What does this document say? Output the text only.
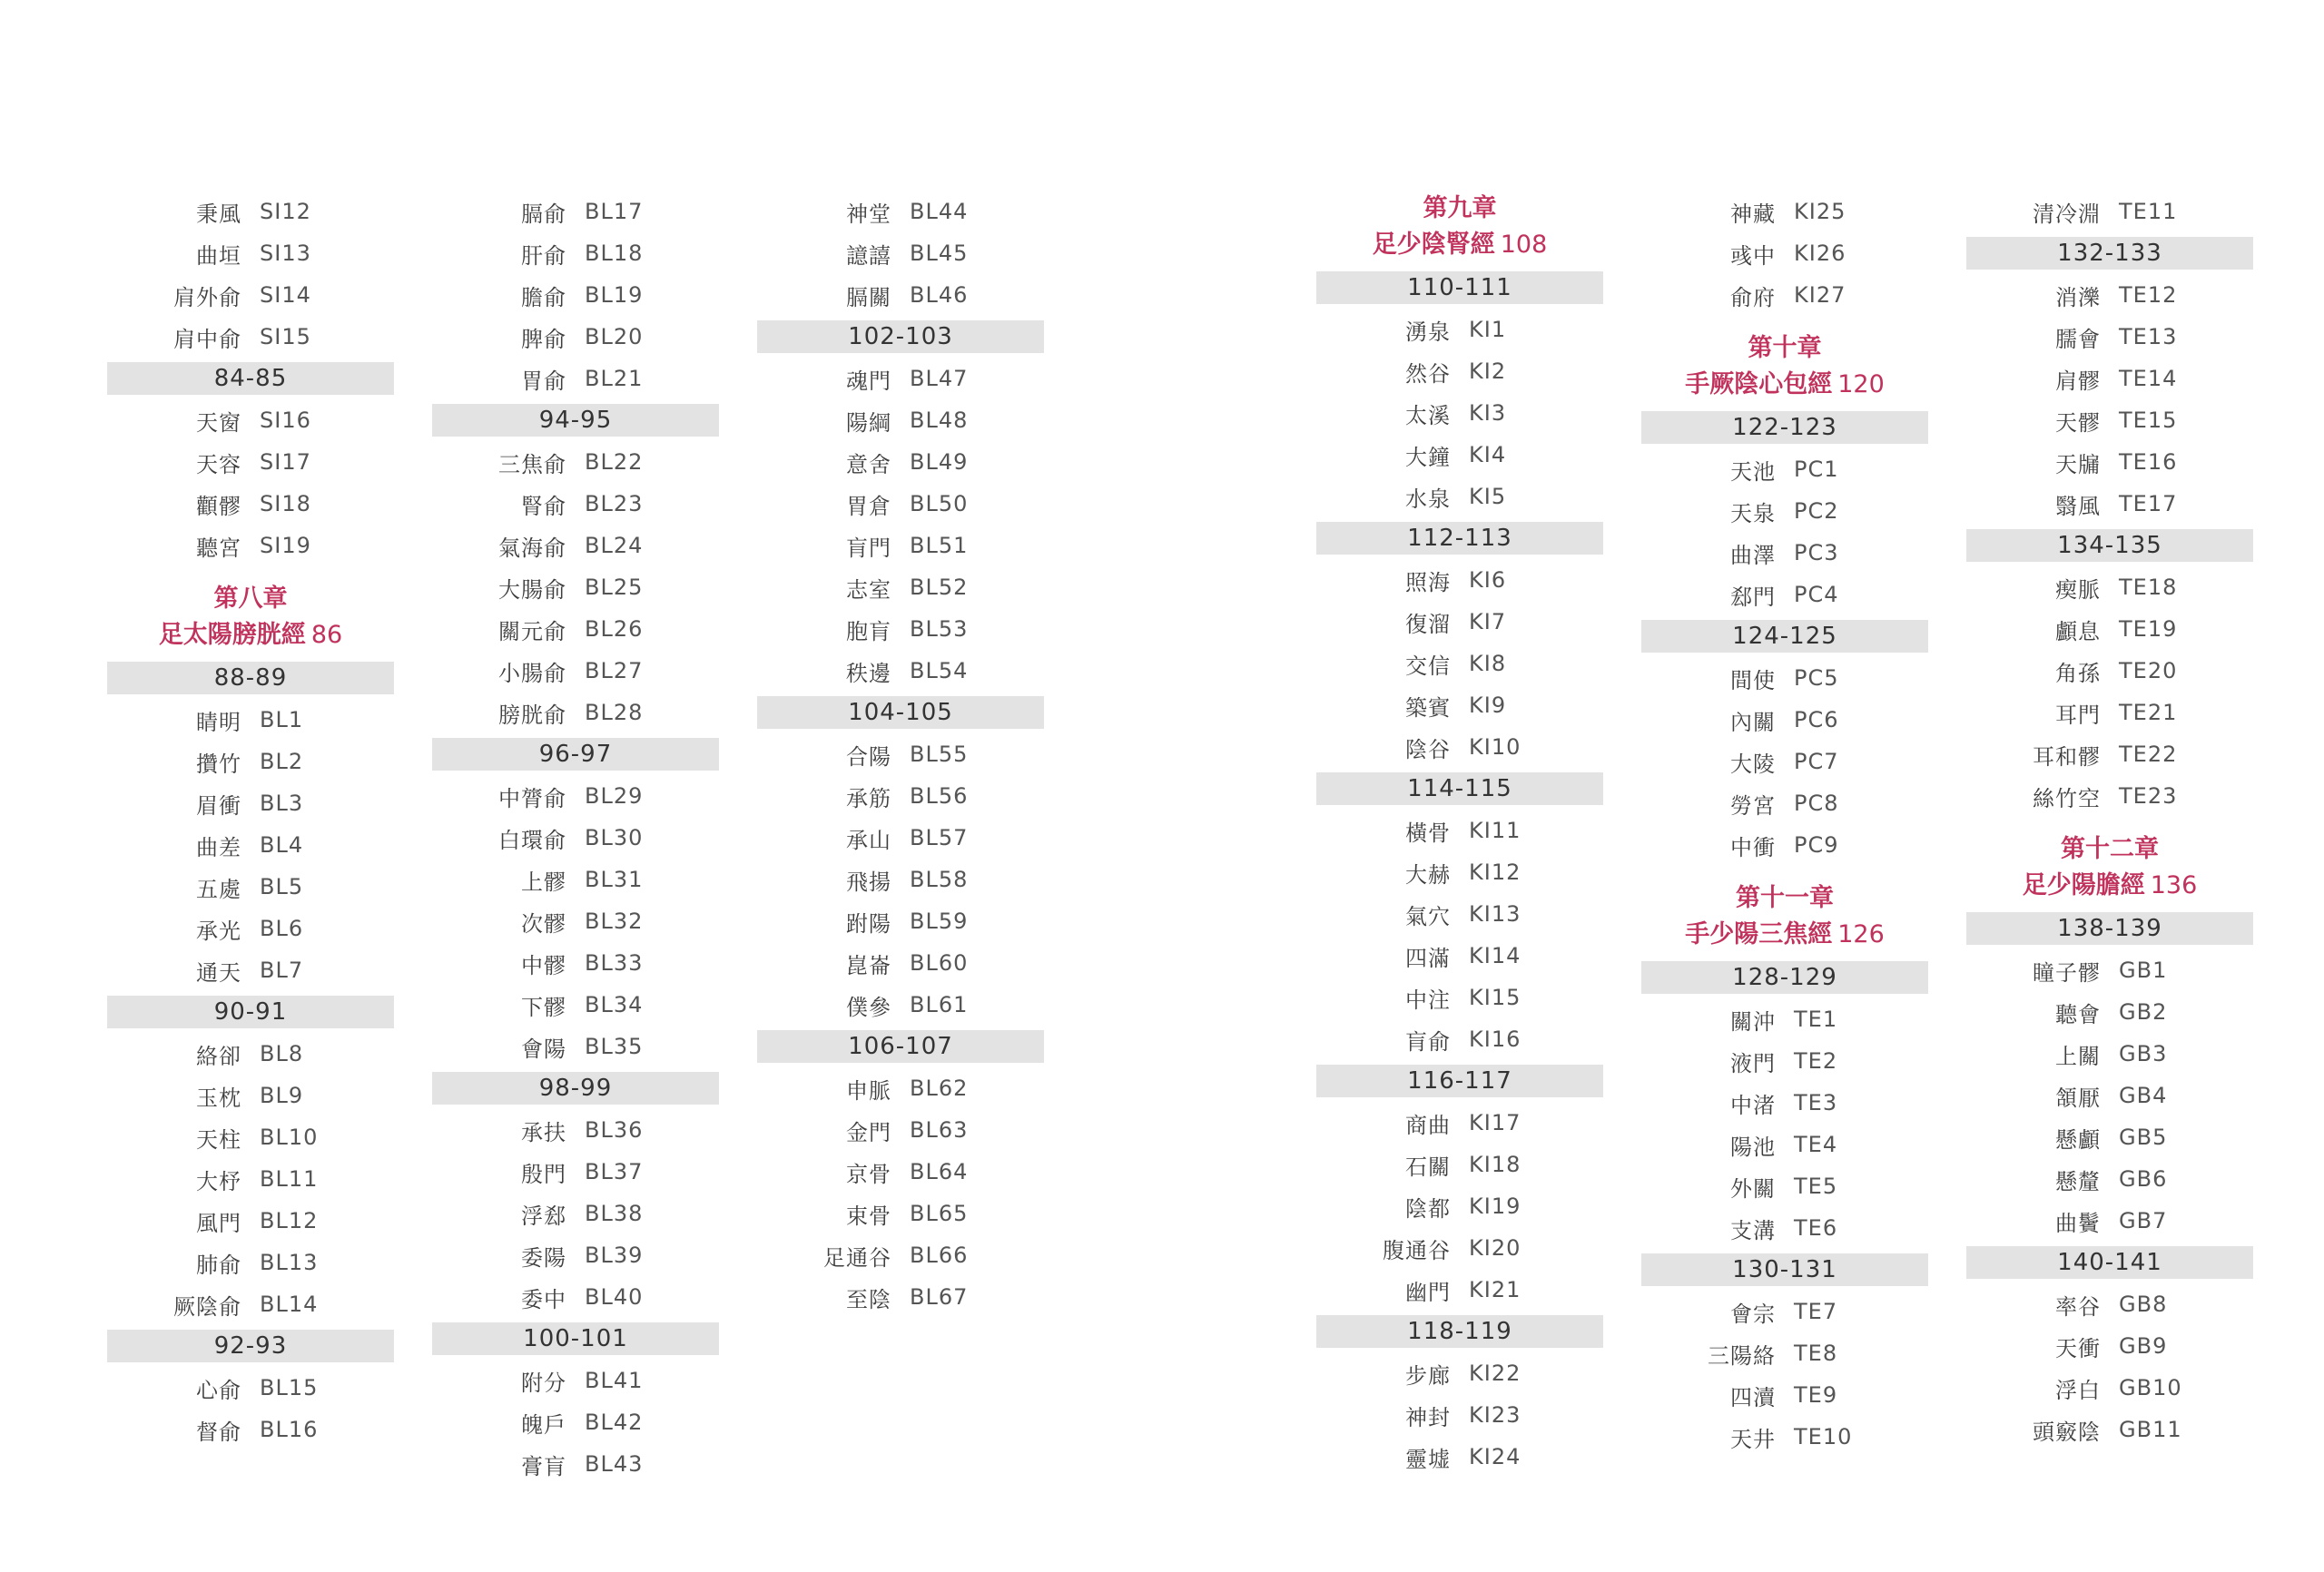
秉風 SI12
曲垣 SI13
肩外俞 SI14
肩中俞 SI15
84-85
天窗 SI16
天容 SI17
顴髎 SI18
聽宮 SI19
第八章
足太陽膀胱經 86
88-89
睛明 BL1
攢竹 BL2
眉衝 BL3
曲差 BL4
五處 BL5
承光 BL6
通天 BL7
90-91
絡卻 BL8
玉枕 BL9
天柱 BL10
大杼 BL11
風門 BL12
肺俞 BL13
厥陰俞 BL14
92-93
心俞 BL15
督俞 BL16
膈俞 BL17
肝俞 BL18
膽俞 BL19
脾俞 BL20
胃俞 BL21
94-95
三焦俞 BL22
腎俞 BL23
氣海俞 BL24
大腸俞 BL25
關元俞 BL26
小腸俞 BL27
膀胱俞 BL28
96-97
中膂俞 BL29
白環俞 BL30
上髎 BL31
次髎 BL32
中髎 BL33
下髎 BL34
會陽 BL35
98-99
承扶 BL36
殷門 BL37
浮郄 BL38
委陽 BL39
委中 BL40
100-101
附分 BL41
魄戶 BL42
膏肓 BL43
神堂 BL44
譩譆 BL45
膈關 BL46
102-103
魂門 BL47
陽綱 BL48
意舍 BL49
胃倉 BL50
肓門 BL51
志室 BL52
胞肓 BL53
秩邊 BL54
104-105
合陽 BL55
承筋 BL56
承山 BL57
飛揚 BL58
跗陽 BL59
崑崙 BL60
僕參 BL61
106-107
申脈 BL62
金門 BL63
京骨 BL64
束骨 BL65
足通谷 BL66
至陰 BL67
第九章
足少陰腎經 108
110-111
湧泉 KI1
然谷 KI2
太溪 KI3
大鐘 KI4
水泉 KI5
112-113
照海 KI6
復溜 KI7
交信 KI8
築賓 KI9
陰谷 KI10
114-115
橫骨 KI11
大赫 KI12
氣穴 KI13
四滿 KI14
中注 KI15
肓俞 KI16
116-117
商曲 KI17
石關 KI18
陰都 KI19
腹通谷 KI20
幽門 KI21
118-119
步廊 KI22
神封 KI23
靈墟 KI24
神藏 KI25
彧中 KI26
俞府 KI27
第十章
手厥陰心包經 120
122-123
天池 PC1
天泉 PC2
曲澤 PC3
郄門 PC4
124-125
間使 PC5
內關 PC6
大陵 PC7
勞宮 PC8
中衝 PC9
第十一章
手少陽三焦經 126
128-129
關沖 TE1
液門 TE2
中渚 TE3
陽池 TE4
外關 TE5
支溝 TE6
130-131
會宗 TE7
三陽絡 TE8
四瀆 TE9
天井 TE10
清冷淵 TE11
132-133
消濼 TE12
臑會 TE13
肩髎 TE14
天髎 TE15
天牖 TE16
翳風 TE17
134-135
瘈脈 TE18
顱息 TE19
角孫 TE20
耳門 TE21
耳和髎 TE22
絲竹空 TE23
第十二章
足少陽膽經 136
138-139
瞳子髎 GB1
聽會 GB2
上關 GB3
頷厭 GB4
懸顱 GB5
懸釐 GB6
曲鬢 GB7
140-141
率谷 GB8
天衝 GB9
浮白 GB10
頭竅陰 GB11
